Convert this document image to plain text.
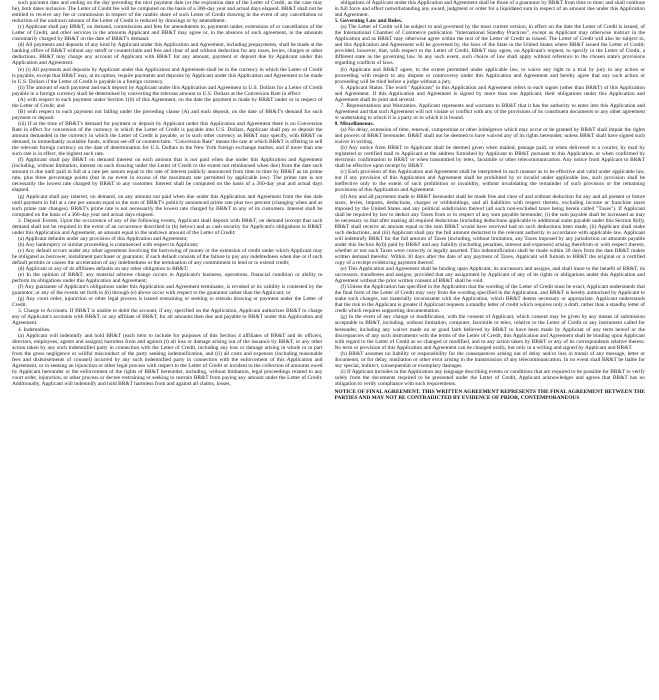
such payment date and ending on the day preceding the next payment date (or the expiration date of the Letter of Credit, as the case may be), both dates inclusive. The Letter of Credit fee will be computed on the basis of a 360-day year and actual days elapsed. BR&T shall not be entitled to receive any fee or commission in respect of the ratable share of such Letter of Credit drawing in the event of any cancellation or reduction of the undrawn amount of the Letter of Credit is reduced by drawings or by amendment.

(c) Applicant shall pay BR&T, on demand, commissions and fees for amendments to, payments under, extensions of or cancellation of the Letter of Credit, and other services in the amounts Applicant and BR&T may agree or, in the absence of such agreement, in the amounts customarily charged by BR&T on the date of BR&T's demand.

(d) All payments and deposits of any kind by Applicant under this Application and Agreement, including prepayments, shall be made at the banking office of BR&T without any setoff or counterclaim and free and clear of and without deduction for any taxes, levies, charges or other deductions. BR&T may charge any account of Applicant with BR&T for any amount, payment or deposit due by Applicant under this Application and Agreement.

(e) (i) All payments and deposits by Applicant under this Application and Agreement shall be in the currency in which the Letter of Credit is payable, except that BR&T may, at its option, require payments and deposits by Applicant under this Application and Agreement to be made in U.S. Dollars if the Letter of Credit is payable in a foreign currency.

(ii) The amount of each payment and each deposit by Applicant under this Application and Agreement in U.S. Dollars for a Letter of Credit payable in a foreign currency shall be determined by converting the relevant amount to U.S. Dollars at the Conversion Rate in effect:

(A) with respect to each payment under Section 1(b) of this Agreement, on the date the payment is made by BR&T under or in respect of the Letter of Credit; and

(B) with respect to each payment not falling under the preceding clause (A) and each deposit, on the date of BR&T's demand for such payment or deposit.

(iii) If at the time of BR&T's demand for payment or deposit by Applicant under this Application and Agreement there is no Conversion Rate in effect for conversion of the currency in which the Letter of Credit is payable into U.S. Dollars, Applicant shall pay or deposit the amount demanded in the currency in which the Letter of Credit is payable, or in such other currency as BR&T may specify, with BR&T on demand, in immediately available funds, without set-off or counterclaim. "Conversion Rate" means the rate at which BR&T is offering to sell the relevant foreign currency on the date of determination for U.S. Dollars in the New York foreign exchange market, and if more than one such rate is in effect, the highest such rate.

(f) Applicant shall pay BR&T on demand interest on each amount that is not paid when due under this Application and Agreement (including, without limitation, interest on each drawing under the Letter of Credit to the extent not reimbursed when due) from the date such amount is due until paid in full at a rate per annum equal to the rate of interest publicly announced from time to time by BR&T as its prime rate, plus three percentage points (but in no event in excess of the maximum rate permitted by applicable law). The prime rate is not necessarily the lowest rate charged by BR&T to any customer. Interest shall be computed on the basis of a 360-day year and actual days elapsed.

(g) Applicant shall pay interest, on demand, on any amount not paid when due under this Application and Agreement from the due date until payment in full at a rate per annum equal to the sum of BR&T's publicly announced prime rate plus two percent (changing when and as such prime rate changes). BR&T's prime rate is not necessarily the lowest rate charged by BR&T to any of its customers. Interest shall be computed on the basis of a 360-day year and actual days elapsed.

2. Deposit Events. Upon the occurrence of any of the following events, Applicant shall deposit with BR&T, on demand (except that such demand shall not be required in the event of an occurrence described in (b) below) and as cash security for Applicant's obligations to BR&T under this Application and Agreement, an amount equal to the undrawn amount of the Letter of Credit:

(a) Applicant defaults under any provision of this Application and Agreement;

(b) Any bankruptcy or similar proceeding is commenced with respect to Applicant;

(c) Any default occurs under any other agreement involving the borrowing of money or the extension of credit under which Applicant may be obligated as borrower, installment purchaser or guarantor, if such default consists of the failure to pay any indebtedness when due or if such default permits or causes the acceleration of any indebtedness or the termination of any commitment to lend or to extend credit;

(d) Applicant or any of its affiliates defaults on any other obligation to BR&T;

(e) In the opinion of BR&T, any material adverse change occurs in Applicant's business, operations, financial condition or ability to perform its obligations under this Application and Agreement;

(f) Any guarantee of Applicant's obligations under this Application and Agreement terminates, is revoked or its validity is contested by the guarantor, or any of the events set forth in (b) through (e) above occur with respect to the guarantor rather than the Applicant; or

(g) Any court order, injunction or other legal process is issued restraining or seeking to restrain drawing or payment under the Letter of Credit.

3. Charge to Accounts. If BR&T is unable to debit the account, if any, specified on the Application, Applicant authorizes BR&T to charge any of Applicant's accounts with BR&T, or any affiliate of BR&T, for all amounts then due and payable to BR&T under this Application and Agreement.

4. Indemnities.

(a) Applicant will indemnify and hold BR&T (each item to include for purposes of this Section 4 affiliates of BR&T and its officers, directors, employees, agents and assigns) harmless from and against (i) all loss or damage arising out of the issuance by BR&T, or any other action taken by any such indemnified party in connection with the Letter of Credit, including any loss or damage arising in whole or in part from the gross negligence or willful misconduct of the party seeking indemnification, and (ii) all costs and expenses (including reasonable fees and disbursements of counsel) incurred by any such indemnified party in connection with the enforcement of this Application and Agreement, or in seeking an injunction or other legal process with respect to the Letter of Credit or incident to the collection of amounts owed by Applicant hereunder or the enforcement of the rights of BR&T hereunder, including, without limitation, legal proceedings related to any court order, injunction, or other process or decree restraining or seeking to restrain BR&T from paying any amount under the Letter of Credit. Additionally, Applicant will indemnify and hold BR&T harmless from and against all claims, losses,

obligations of Applicant under this Application and Agreement shall be those of a guarantor by BR&T from time to time; and shall continue in full force and effect notwithstanding any award, judgment or order for a liquidated sum in respect of an amount due under this Application and Agreement.

5. Governing Law and Rules.

(a) The Letter of Credit will be subject to and governed by the most current version, in effect on the date the Letter of Credit is issued, of the International Chamber of Commerce publication "International Standby Practices", except as Applicant may otherwise instruct in the Application and as BR&T may otherwise agree within the text of the Letter of Credit as issued. The Letter of Credit will also be subject to, and this Application and Agreement will be governed by, the laws of the State in the United States where BR&T issued the Letter of Credit; provided, however, that, with respect to the Letter of Credit, BR&T may agree, on Applicant's request, to specify in the Letter of Credit, a different state as the governing law. In any such event, such choice of law shall apply without reference to the chosen state's provisions regarding conflicts of laws.

(b) Applicant and BR&T agree, to the extent permitted under applicable law, to waive any right to a trial by jury in any action or proceeding with respect to any dispute or controversy under this Application and Agreement and hereby agree that any such action or proceeding will be tried before a judge without a jury.

6. Applicant Status. The word "Applicant" in this Application and Agreement refers to each signer (other than BR&T) of this Application and Agreement. If this Application and Agreement is signed by more than one Applicant, their obligations under this Application and Agreement shall be joint and several.

7. Representations and Warranties. Applicant represents and warrants to BR&T that it has the authority to enter into this Application and Agreement and that such Agreement will not violate or conflict with any of the provisions of its constituent documents or any other agreement or undertaking to which it is a party or to which it is bound.

8. Miscellaneous.

(a) No delay, extension of time, renewal, compromise or other indulgence which may occur or be granted by BR&T shall impair the rights and powers of BR&T hereunder. BR&T shall not be deemed to have waived any of its rights hereunder, unless BR&T shall have signed such waiver in writing.

(b) Any notice from BR&T to Applicant shall be deemed given when mailed, postage paid, or when delivered to a courier, by mail by registered or certified mail to Applicant at the address furnished by Applicant to BR&T pursuant to this Application, or when confirmed by electronic confirmation to BR&T or when transmitted by telex, facsimile or other telecommunication. Any notice from Applicant to BR&T shall be effective upon receipt by BR&T.

(c) Each provision of this Application and Agreement shall be interpreted in such manner as to be effective and valid under applicable law, but if any provision of this Application and Agreement shall be prohibited by or invalid under applicable law, such provision shall be ineffective only to the extent of such prohibition or invalidity, without invalidating the remainder of such provision or the remaining provisions of this Application and Agreement.

(d) Any and all payments made to BR&T hereunder shall be made free and clear of and without deduction for any and all present or future taxes, levies, imposts, deductions, charges or withholdings, and all liabilities with respect thereto, excluding income or franchise taxes imposed by the United States and any political subdivision thereof (all such non-excluded taxes being herein called "Taxes"). If Applicant shall be required by law to deduct any Taxes from or in respect of any sum payable hereunder, (i) the sum payable shall be increased as may be necessary so that after making all required deductions (including deductions applicable to additional sums payable under this Section 8(d)), BR&T shall receive an amount equal to the sum BR&T would have received had no such deductions been made, (ii) Applicant shall make such deductions, and (iii) Applicant shall pay the full amount deducted to the relevant authority in accordance with applicable law. Applicant will indemnify BR&T for the full amount of Taxes (including, without limitation, any Taxes imposed by any jurisdiction on amounts payable under this Section 8(d)) paid by BR&T and any liability (including penalties, interest and expenses) arising therefrom or with respect thereto, whether or not such Taxes were correctly or legally asserted. This indemnification shall be made within 30 days from the date BR&T makes written demand therefor. Within 30 days after the date of any payment of Taxes, Applicant will furnish to BR&T the original or a certified copy of a receipt evidencing payment thereof.

(e) This Application and Agreement shall be binding upon Applicant, its successors and assigns, and shall inure to the benefit of BR&T, its successors, transferees and assigns; provided that any assignment by Applicant of any of its rights or obligations under this Application and Agreement without the prior written consent of BR&T shall be void.

(f) Unless the Application has specified in the Application that the wording of the Letter of Credit must be exact, Applicant understands that the final form of the Letter of Credit may vary from the wording specified in the Application, and BR&T is hereby authorized by Applicant to make such changes, not materially inconsistent with the Application, which BR&T deems necessary or appropriate. Applicant understands that the risk to the Applicant is greater if Applicant requests a standby letter of credit which requires only a draft, rather than a standby letter of credit which requires supporting documentation.

(g) In the event of any change or modification, with the consent of Applicant, which consent may be given by any means of submission acceptable to BR&T, including, without limitation, computer, facsimile or telex, relative to the Letter of Credit or any instrument called for hereunder, including any waiver made on or good faith believed by BR&T to have been made by Applicant of any term hereof or the discrepancies of any such instruments with the terms of the Letter of Credit, this Application and Agreement shall be binding upon Applicant with regard to the Letter of Credit as so changed or modified, and to any action taken by BR&T or any of its correspondents relative thereto. No term or provision of this Application and Agreement can be changed orally, but only in a writing and signed by Applicant and BR&T.

(h) BR&T assumes no liability or responsibility for the consequences arising out of delay and/or loss in transit of any message, letter or documents, or for delay, mutilation or other error arising in the transmission of any telecommunication. In no event shall BR&T be liable for any special, indirect, consequential or exemplary damages.

(i) If Applicant includes in the Application any language describing events or conditions that are required to be possible for BR&T to verify solely from the documents required to be presented under the Letter of Credit, Applicant acknowledges and agrees that BR&T has no obligation to verify compliance with such requirements.

NOTICE OF FINAL AGREEMENT. THIS WRITTEN AGREEMENT REPRESENTS THE FINAL AGREEMENT BETWEEN THE PARTIES AND MAY NOT BE CONTRADICTED BY EVIDENCE OF PRIOR, CONTEMPORANEOUS
